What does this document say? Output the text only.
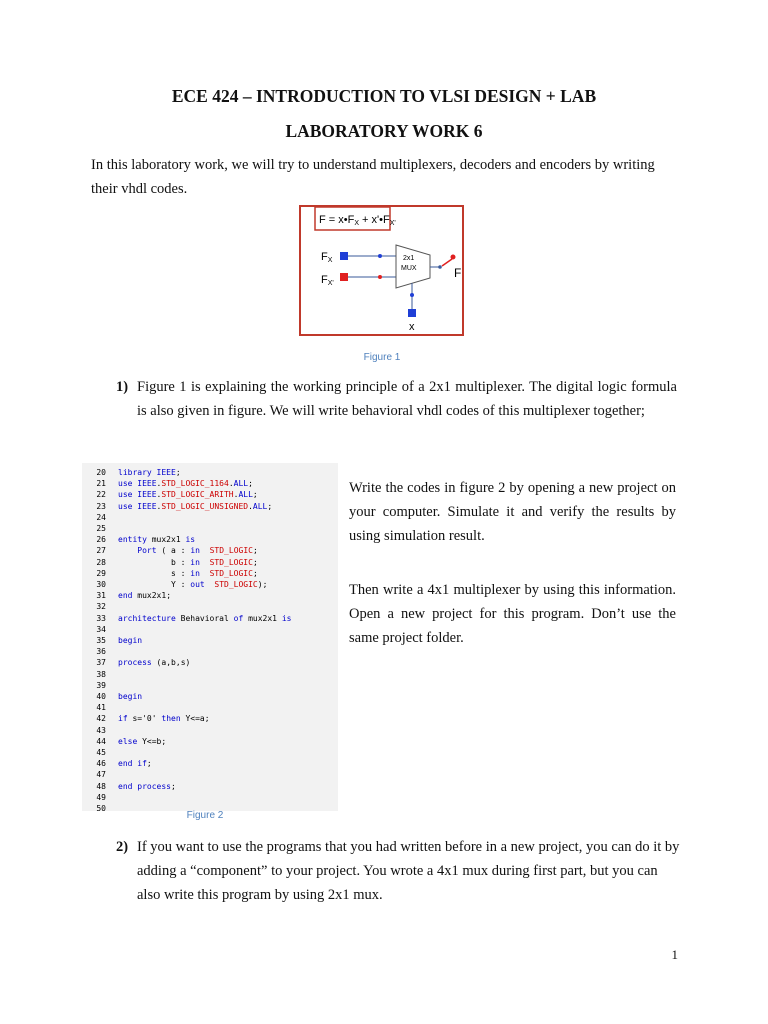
ECE 424 – INTRODUCTION TO VLSI DESIGN + LAB
LABORATORY WORK 6
In this laboratory work, we will try to understand multiplexers, decoders and encoders by writing their vhdl codes.
F = x•FX + x'•FX'
FX
FX'
2x1
MUX	F
x
Figure 1
1) Figure 1 is explaining the working principle of a 2x1 multiplexer. The digital logic formula is also given in figure. We will write behavioral vhdl codes of this multiplexer together;
20 library IEEE;
21 use IEEE.STD_LOGIC_1164.ALL;
22 use IEEE.STD_LOGIC_ARITH.ALL;
23 use IEEE.STD_LOGIC_UNSIGNED.ALL;
24
25
26 entity mux2x1 is
27	Port ( a : in STD_LOGIC;
28	b : in STD_LOGIC;
29	s : in STD_LOGIC;
30	Y : out STD_LOGIC);
31 end mux2x1;
32
33 architecture Behavioral of mux2x1 is
34
35 begin
36
37 process (a,b,s)
38
39
40 begin
41
42 if s='0' then Y<=a;
43
44 else Y<=b;
45
46 end if;
47
48 end process;
49
50
Figure 2
Write the codes in figure 2 by opening a new project on your computer. Simulate it and verify the results by using simulation result.
Then write a 4x1 multiplexer by using this information. Open a new project for this program. Don’t use the same project folder.
2) If you want to use the programs that you had written before in a new project, you can do it by adding a “component” to your project. You wrote a 4x1 mux during first part, but you can also write this program by using 2x1 mux.
1
